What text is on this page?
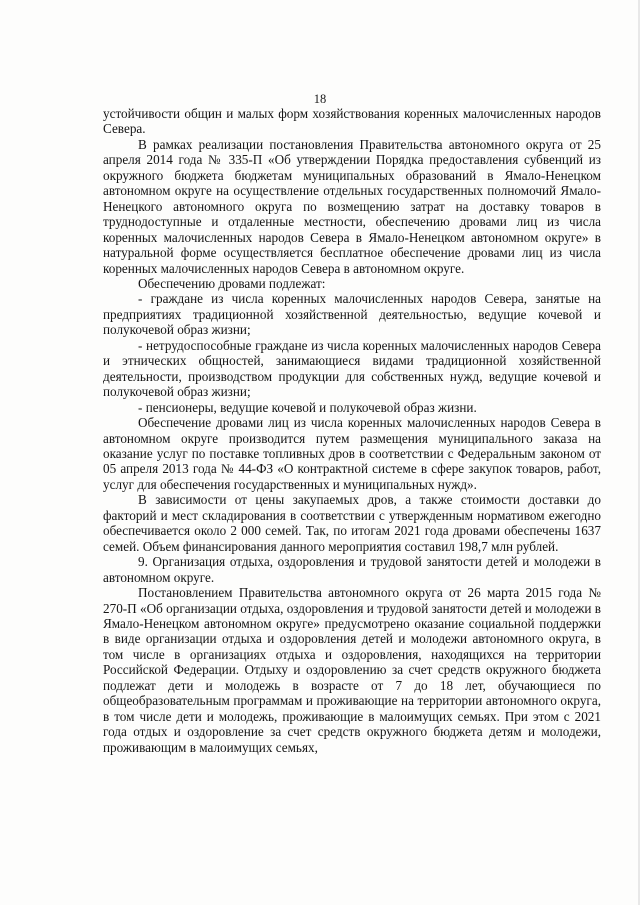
18

устойчивости общин и малых форм хозяйствования коренных малочисленных народов Севера.

В рамках реализации постановления Правительства автономного округа от 25 апреля 2014 года № 335-П «Об утверждении Порядка предоставления субвенций из окружного бюджета бюджетам муниципальных образований в Ямало-Ненецком автономном округе на осуществление отдельных государственных полномочий Ямало-Ненецкого автономного округа по возмещению затрат на доставку товаров в труднодоступные и отдаленные местности, обеспечению дровами лиц из числа коренных малочисленных народов Севера в Ямало-Ненецком автономном округе» в натуральной форме осуществляется бесплатное обеспечение дровами лиц из числа коренных малочисленных народов Севера в автономном округе.

Обеспечению дровами подлежат:

- граждане из числа коренных малочисленных народов Севера, занятые на предприятиях традиционной хозяйственной деятельностью, ведущие кочевой и полукочевой образ жизни;

- нетрудоспособные граждане из числа коренных малочисленных народов Севера и этнических общностей, занимающиеся видами традиционной хозяйственной деятельности, производством продукции для собственных нужд, ведущие кочевой и полукочевой образ жизни;

- пенсионеры, ведущие кочевой и полукочевой образ жизни.

Обеспечение дровами лиц из числа коренных малочисленных народов Севера в автономном округе производится путем размещения муниципального заказа на оказание услуг по поставке топливных дров в соответствии с Федеральным законом от 05 апреля 2013 года № 44-ФЗ «О контрактной системе в сфере закупок товаров, работ, услуг для обеспечения государственных и муниципальных нужд».

В зависимости от цены закупаемых дров, а также стоимости доставки до факторий и мест складирования в соответствии с утвержденным нормативом ежегодно обеспечивается около 2 000 семей. Так, по итогам 2021 года дровами обеспечены 1637 семей. Объем финансирования данного мероприятия составил 198,7 млн рублей.

9. Организация отдыха, оздоровления и трудовой занятости детей и молодежи в автономном округе.

Постановлением Правительства автономного округа от 26 марта 2015 года № 270-П «Об организации отдыха, оздоровления и трудовой занятости детей и молодежи в Ямало-Ненецком автономном округе» предусмотрено оказание социальной поддержки в виде организации отдыха и оздоровления детей и молодежи автономного округа, в том числе в организациях отдыха и оздоровления, находящихся на территории Российской Федерации. Отдыху и оздоровлению за счет средств окружного бюджета подлежат дети и молодежь в возрасте от 7 до 18 лет, обучающиеся по общеобразовательным программам и проживающие на территории автономного округа, в том числе дети и молодежь, проживающие в малоимущих семьях. При этом с 2021 года отдых и оздоровление за счет средств окружного бюджета детям и молодежи, проживающим в малоимущих семьях,
